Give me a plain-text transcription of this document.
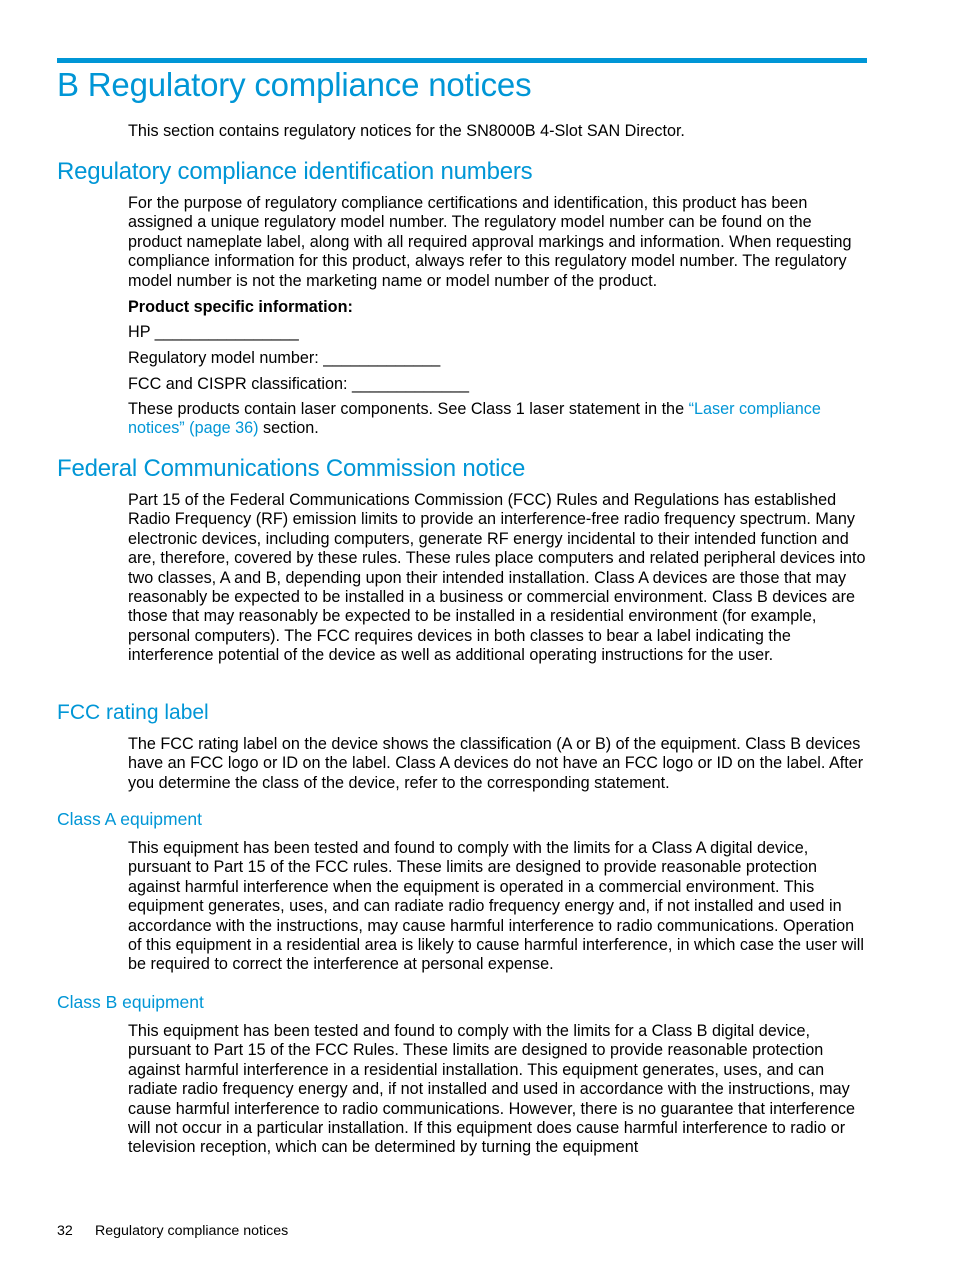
B Regulatory compliance notices

This section contains regulatory notices for the SN8000B 4-Slot SAN Director.

Regulatory compliance identification numbers

For the purpose of regulatory compliance certifications and identification, this product has been assigned a unique regulatory model number. The regulatory model number can be found on the product nameplate label, along with all required approval markings and information. When requesting compliance information for this product, always refer to this regulatory model number. The regulatory model number is not the marketing name or model number of the product.

Product specific information:

HP ________________

Regulatory model number: _____________

FCC and CISPR classification: _____________

These products contain laser components. See Class 1 laser statement in the “Laser compliance notices” (page 36) section.

Federal Communications Commission notice

Part 15 of the Federal Communications Commission (FCC) Rules and Regulations has established Radio Frequency (RF) emission limits to provide an interference-free radio frequency spectrum. Many electronic devices, including computers, generate RF energy incidental to their intended function and are, therefore, covered by these rules. These rules place computers and related peripheral devices into two classes, A and B, depending upon their intended installation. Class A devices are those that may reasonably be expected to be installed in a business or commercial environment. Class B devices are those that may reasonably be expected to be installed in a residential environment (for example, personal computers). The FCC requires devices in both classes to bear a label indicating the interference potential of the device as well as additional operating instructions for the user.

FCC rating label

The FCC rating label on the device shows the classification (A or B) of the equipment. Class B devices have an FCC logo or ID on the label. Class A devices do not have an FCC logo or ID on the label. After you determine the class of the device, refer to the corresponding statement.

Class A equipment

This equipment has been tested and found to comply with the limits for a Class A digital device, pursuant to Part 15 of the FCC rules. These limits are designed to provide reasonable protection against harmful interference when the equipment is operated in a commercial environment. This equipment generates, uses, and can radiate radio frequency energy and, if not installed and used in accordance with the instructions, may cause harmful interference to radio communications. Operation of this equipment in a residential area is likely to cause harmful interference, in which case the user will be required to correct the interference at personal expense.

Class B equipment

This equipment has been tested and found to comply with the limits for a Class B digital device, pursuant to Part 15 of the FCC Rules. These limits are designed to provide reasonable protection against harmful interference in a residential installation. This equipment generates, uses, and can radiate radio frequency energy and, if not installed and used in accordance with the instructions, may cause harmful interference to radio communications. However, there is no guarantee that interference will not occur in a particular installation. If this equipment does cause harmful interference to radio or television reception, which can be determined by turning the equipment

32 Regulatory compliance notices
